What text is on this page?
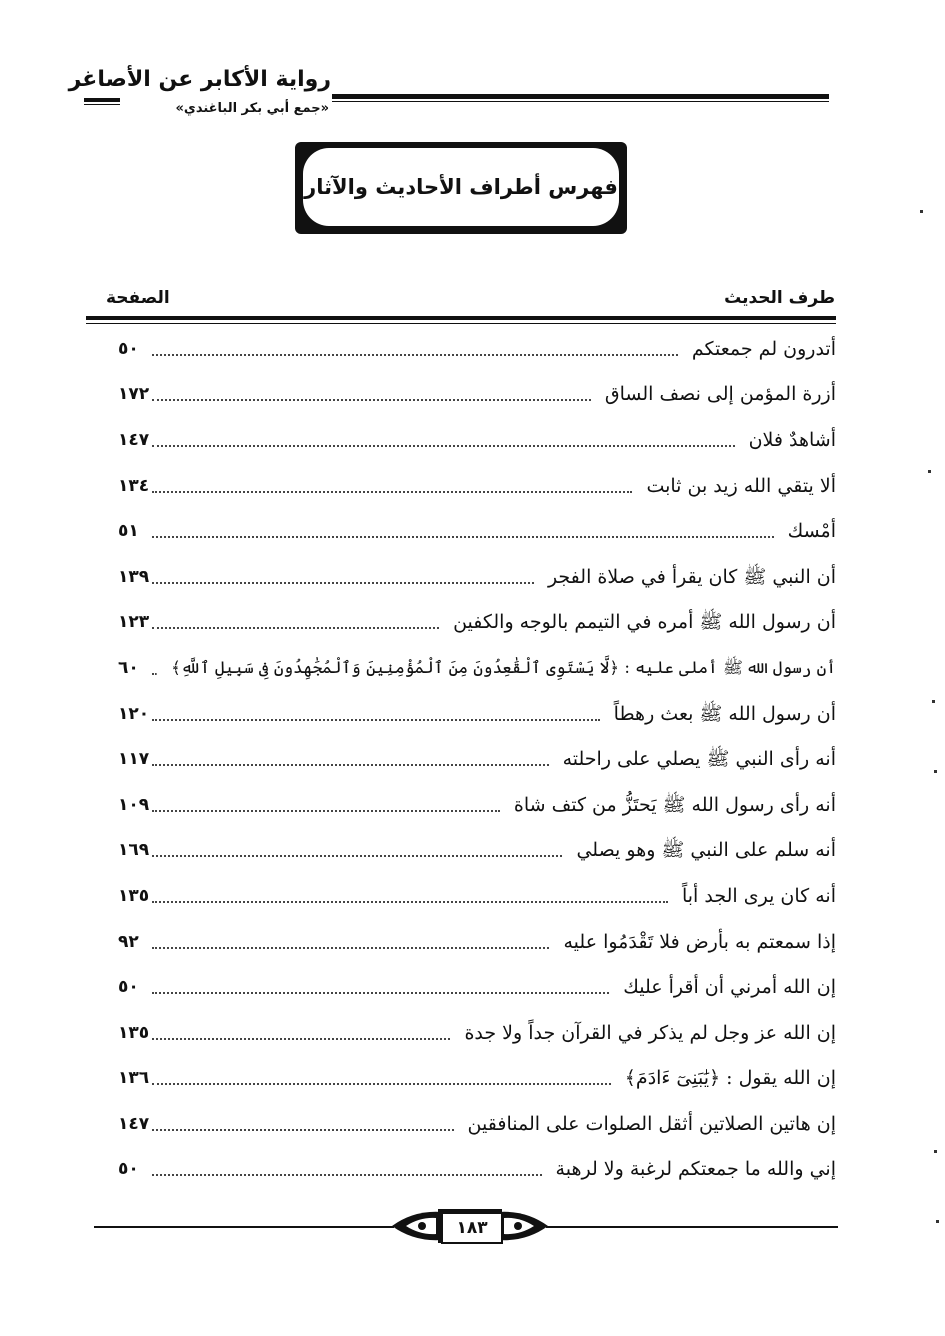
رواية الأكابر عن الأصاغر
«جمع أبي بكر الباغندي»
فهرس أطراف الأحاديث والآثار
طرف الحديث
الصفحة
أتدرون لم جمعتكم
٥٠
أزرة المؤمن إلى نصف الساق
١٧٢
أشاهدٌ فلان
١٤٧
ألا يتقي الله زيد بن ثابت
١٣٤
أمْسك
٥١
أن النبي ﷺ كان يقرأ في صلاة الفجر
١٣٩
أن رسول الله ﷺ أمره في التيمم بالوجه والكفين
١٢٣
أن رسول الله ﷺ أملى عليه : ﴿لَّا يَسْتَوِى ٱلْقَٰعِدُونَ مِنَ ٱلْمُؤْمِنِينَ وَٱلْمُجَٰهِدُونَ فِى سَبِيلِ ٱللَّهِ﴾
٦٠
أن رسول الله ﷺ بعث رهطاً
١٢٠
أنه رأى النبي ﷺ يصلي على راحلته
١١٧
أنه رأى رسول الله ﷺ يَحتَزُّ من كتف شاة
١٠٩
أنه سلم على النبي ﷺ وهو يصلي
١٦٩
أنه كان يرى الجد أباً
١٣٥
إذا سمعتم به بأرض فلا تَقْدَمُوا عليه
٩٢
إن الله أمرني أن أقرأ عليك
٥٠
إن الله عز وجل لم يذكر في القرآن جداً ولا جدة
١٣٥
إن الله يقول : ﴿يَٰبَنِىٓ ءَادَمَ﴾
١٣٦
إن هاتين الصلاتين أثقل الصلوات على المنافقين
١٤٧
إني والله ما جمعتكم لرغبة ولا لرهبة
٥٠
١٨٣
